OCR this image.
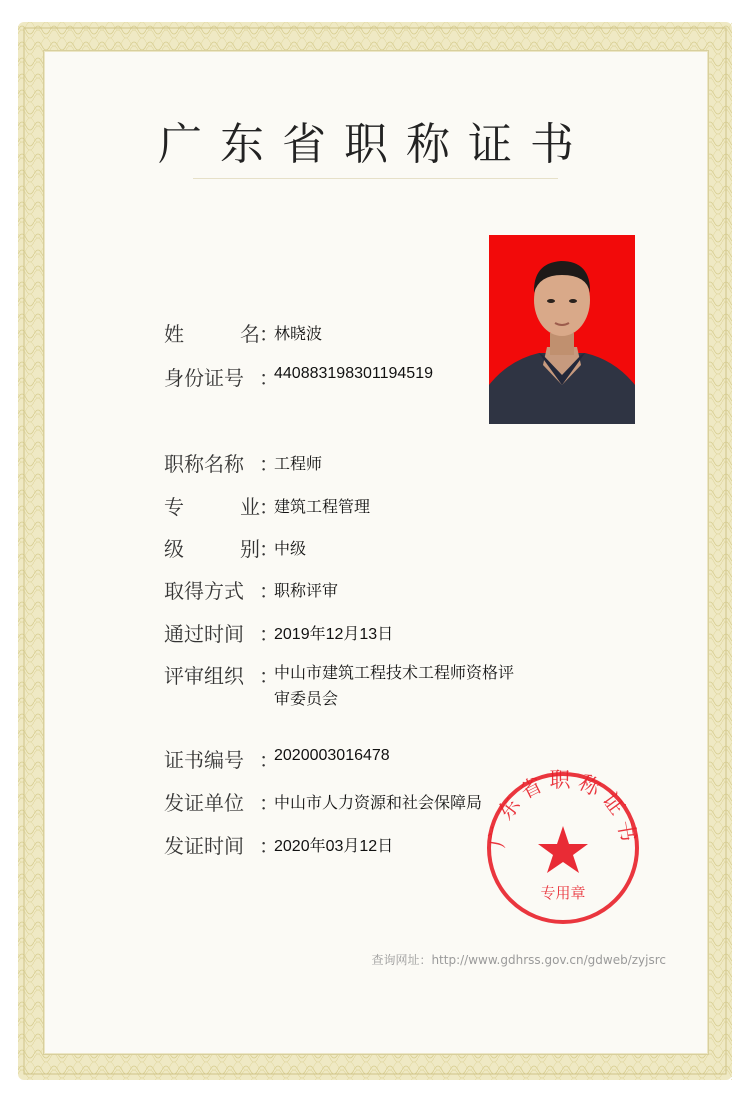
广东省职称证书
姓	名 ：
林晓波
身份证号 ：
440883198301194519
职称名称 ：
工程师
专	业 ：
建筑工程管理
级	别 ：
中级
取得方式 ：
职称评审
通过时间 ：
2019年12月13日
评审组织 ：
中山市建筑工程技术工程师资格评
审委员会
证书编号 ：
2020003016478
发证单位 ：
中山市人力资源和社会保障局
发证时间 ：
2020年03月12日	广东省职称证书
专用章
查询网址：http://www.gdhrss.gov.cn/gdweb/zyjsrc
